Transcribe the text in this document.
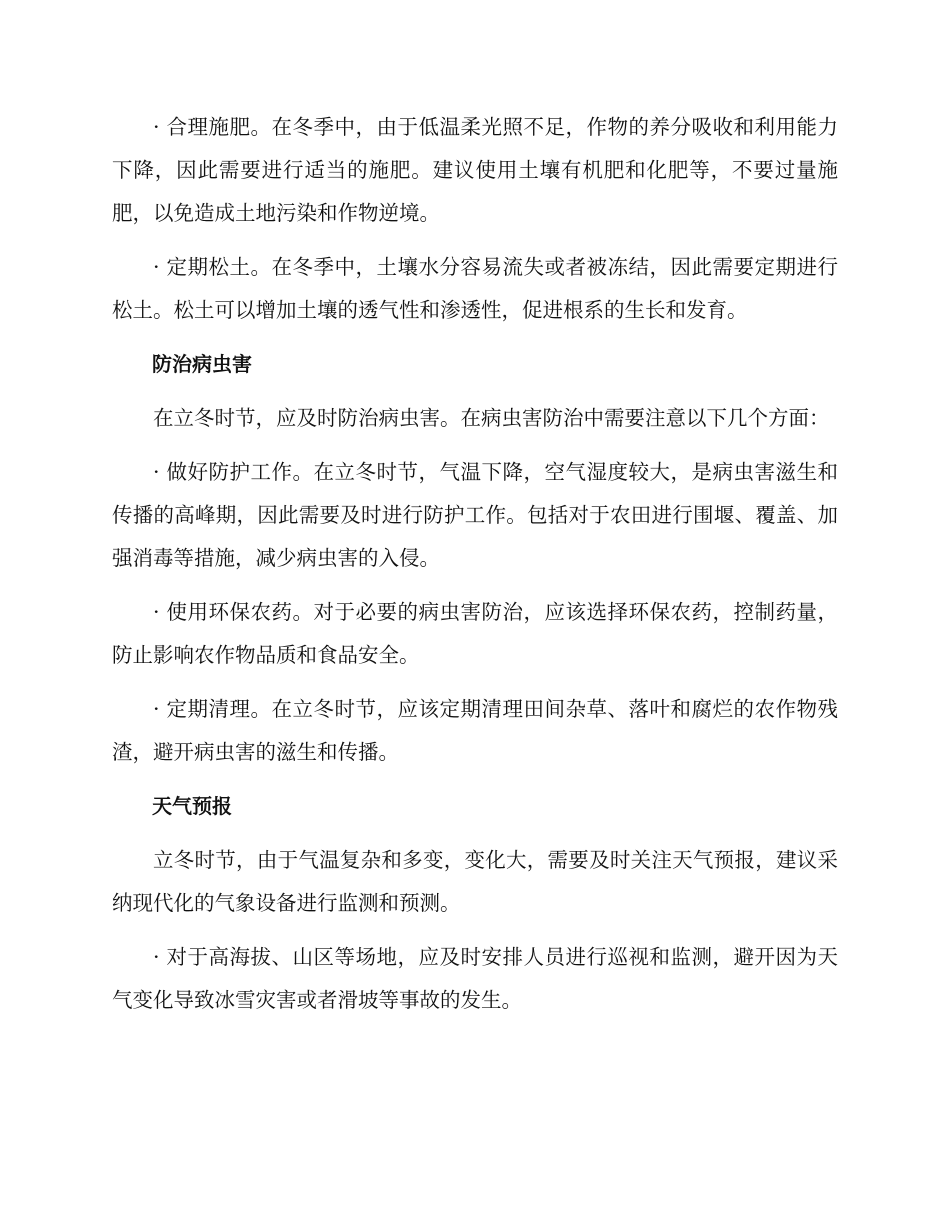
· 合理施肥。在冬季中，由于低温柔光照不足，作物的养分吸收和利用能力下降，因此需要进行适当的施肥。建议使用土壤有机肥和化肥等，不要过量施肥，以免造成土地污染和作物逆境。

· 定期松土。在冬季中，土壤水分容易流失或者被冻结，因此需要定期进行松土。松土可以增加土壤的透气性和渗透性，促进根系的生长和发育。

防治病虫害

在立冬时节，应及时防治病虫害。在病虫害防治中需要注意以下几个方面：

· 做好防护工作。在立冬时节，气温下降，空气湿度较大，是病虫害滋生和传播的高峰期，因此需要及时进行防护工作。包括对于农田进行围堰、覆盖、加强消毒等措施，减少病虫害的入侵。

· 使用环保农药。对于必要的病虫害防治，应该选择环保农药，控制药量，防止影响农作物品质和食品安全。

· 定期清理。在立冬时节，应该定期清理田间杂草、落叶和腐烂的农作物残渣，避开病虫害的滋生和传播。

天气预报

立冬时节，由于气温复杂和多变，变化大，需要及时关注天气预报，建议采纳现代化的气象设备进行监测和预测。

· 对于高海拔、山区等场地，应及时安排人员进行巡视和监测，避开因为天气变化导致冰雪灾害或者滑坡等事故的发生。
